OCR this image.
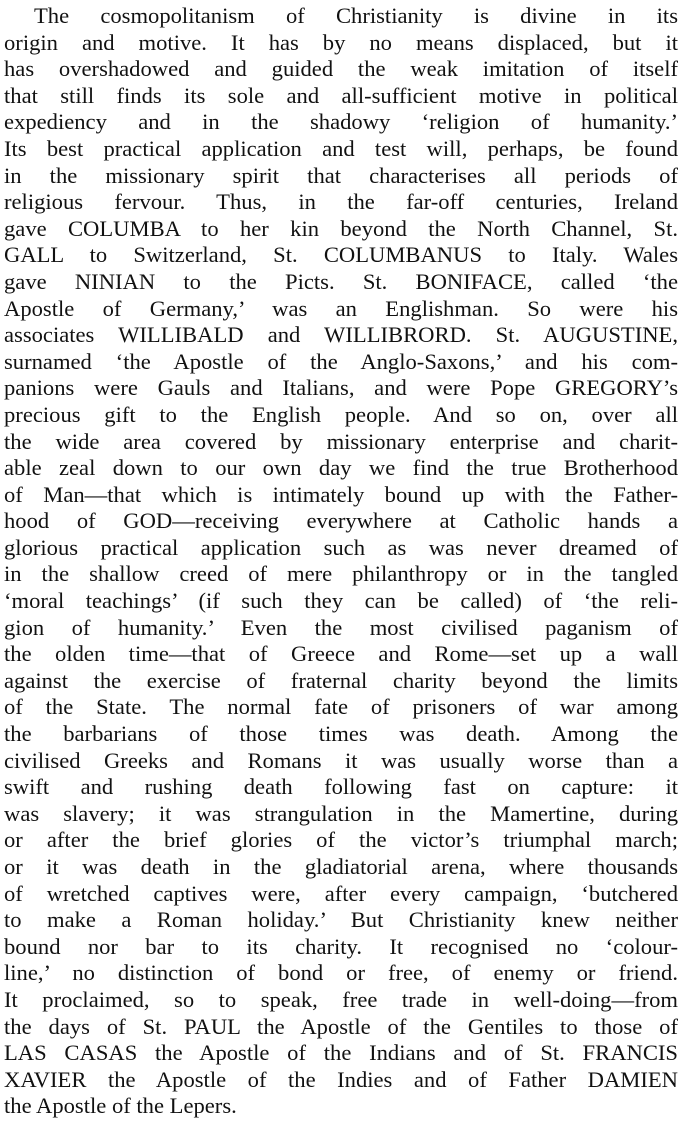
The cosmopolitanism of Christianity is divine in its
origin and motive. It has by no means displaced, but it
has overshadowed and guided the weak imitation of itself
that still finds its sole and all-sufficient motive in political
expediency and in the shadowy ‘religion of humanity.’
Its best practical application and test will, perhaps, be found
in the missionary spirit that characterises all periods of
religious fervour. Thus, in the far-off centuries, Ireland
gave COLUMBA to her kin beyond the North Channel, St.
GALL to Switzerland, St. COLUMBANUS to Italy. Wales
gave NINIAN to the Picts. St. BONIFACE, called ‘the
Apostle of Germany,’ was an Englishman. So were his
associates WILLIBALD and WILLIBRORD. St. AUGUSTINE,
surnamed ‘the Apostle of the Anglo-Saxons,’ and his com-
panions were Gauls and Italians, and were Pope GREGORY’s
precious gift to the English people. And so on, over all
the wide area covered by missionary enterprise and charit-
able zeal down to our own day we find the true Brotherhood
of Man—that which is intimately bound up with the Father-
hood of GOD—receiving everywhere at Catholic hands a
glorious practical application such as was never dreamed of
in the shallow creed of mere philanthropy or in the tangled
‘moral teachings’ (if such they can be called) of ‘the reli-
gion of humanity.’ Even the most civilised paganism of
the olden time—that of Greece and Rome—set up a wall
against the exercise of fraternal charity beyond the limits
of the State. The normal fate of prisoners of war among
the barbarians of those times was death. Among the
civilised Greeks and Romans it was usually worse than a
swift and rushing death following fast on capture: it
was slavery; it was strangulation in the Mamertine, during
or after the brief glories of the victor’s triumphal march;
or it was death in the gladiatorial arena, where thousands
of wretched captives were, after every campaign, ‘butchered
to make a Roman holiday.’ But Christianity knew neither
bound nor bar to its charity. It recognised no ‘colour-
line,’ no distinction of bond or free, of enemy or friend.
It proclaimed, so to speak, free trade in well-doing—from
the days of St. PAUL the Apostle of the Gentiles to those of
LAS CASAS the Apostle of the Indians and of St. FRANCIS
XAVIER the Apostle of the Indies and of Father DAMIEN
the Apostle of the Lepers.
